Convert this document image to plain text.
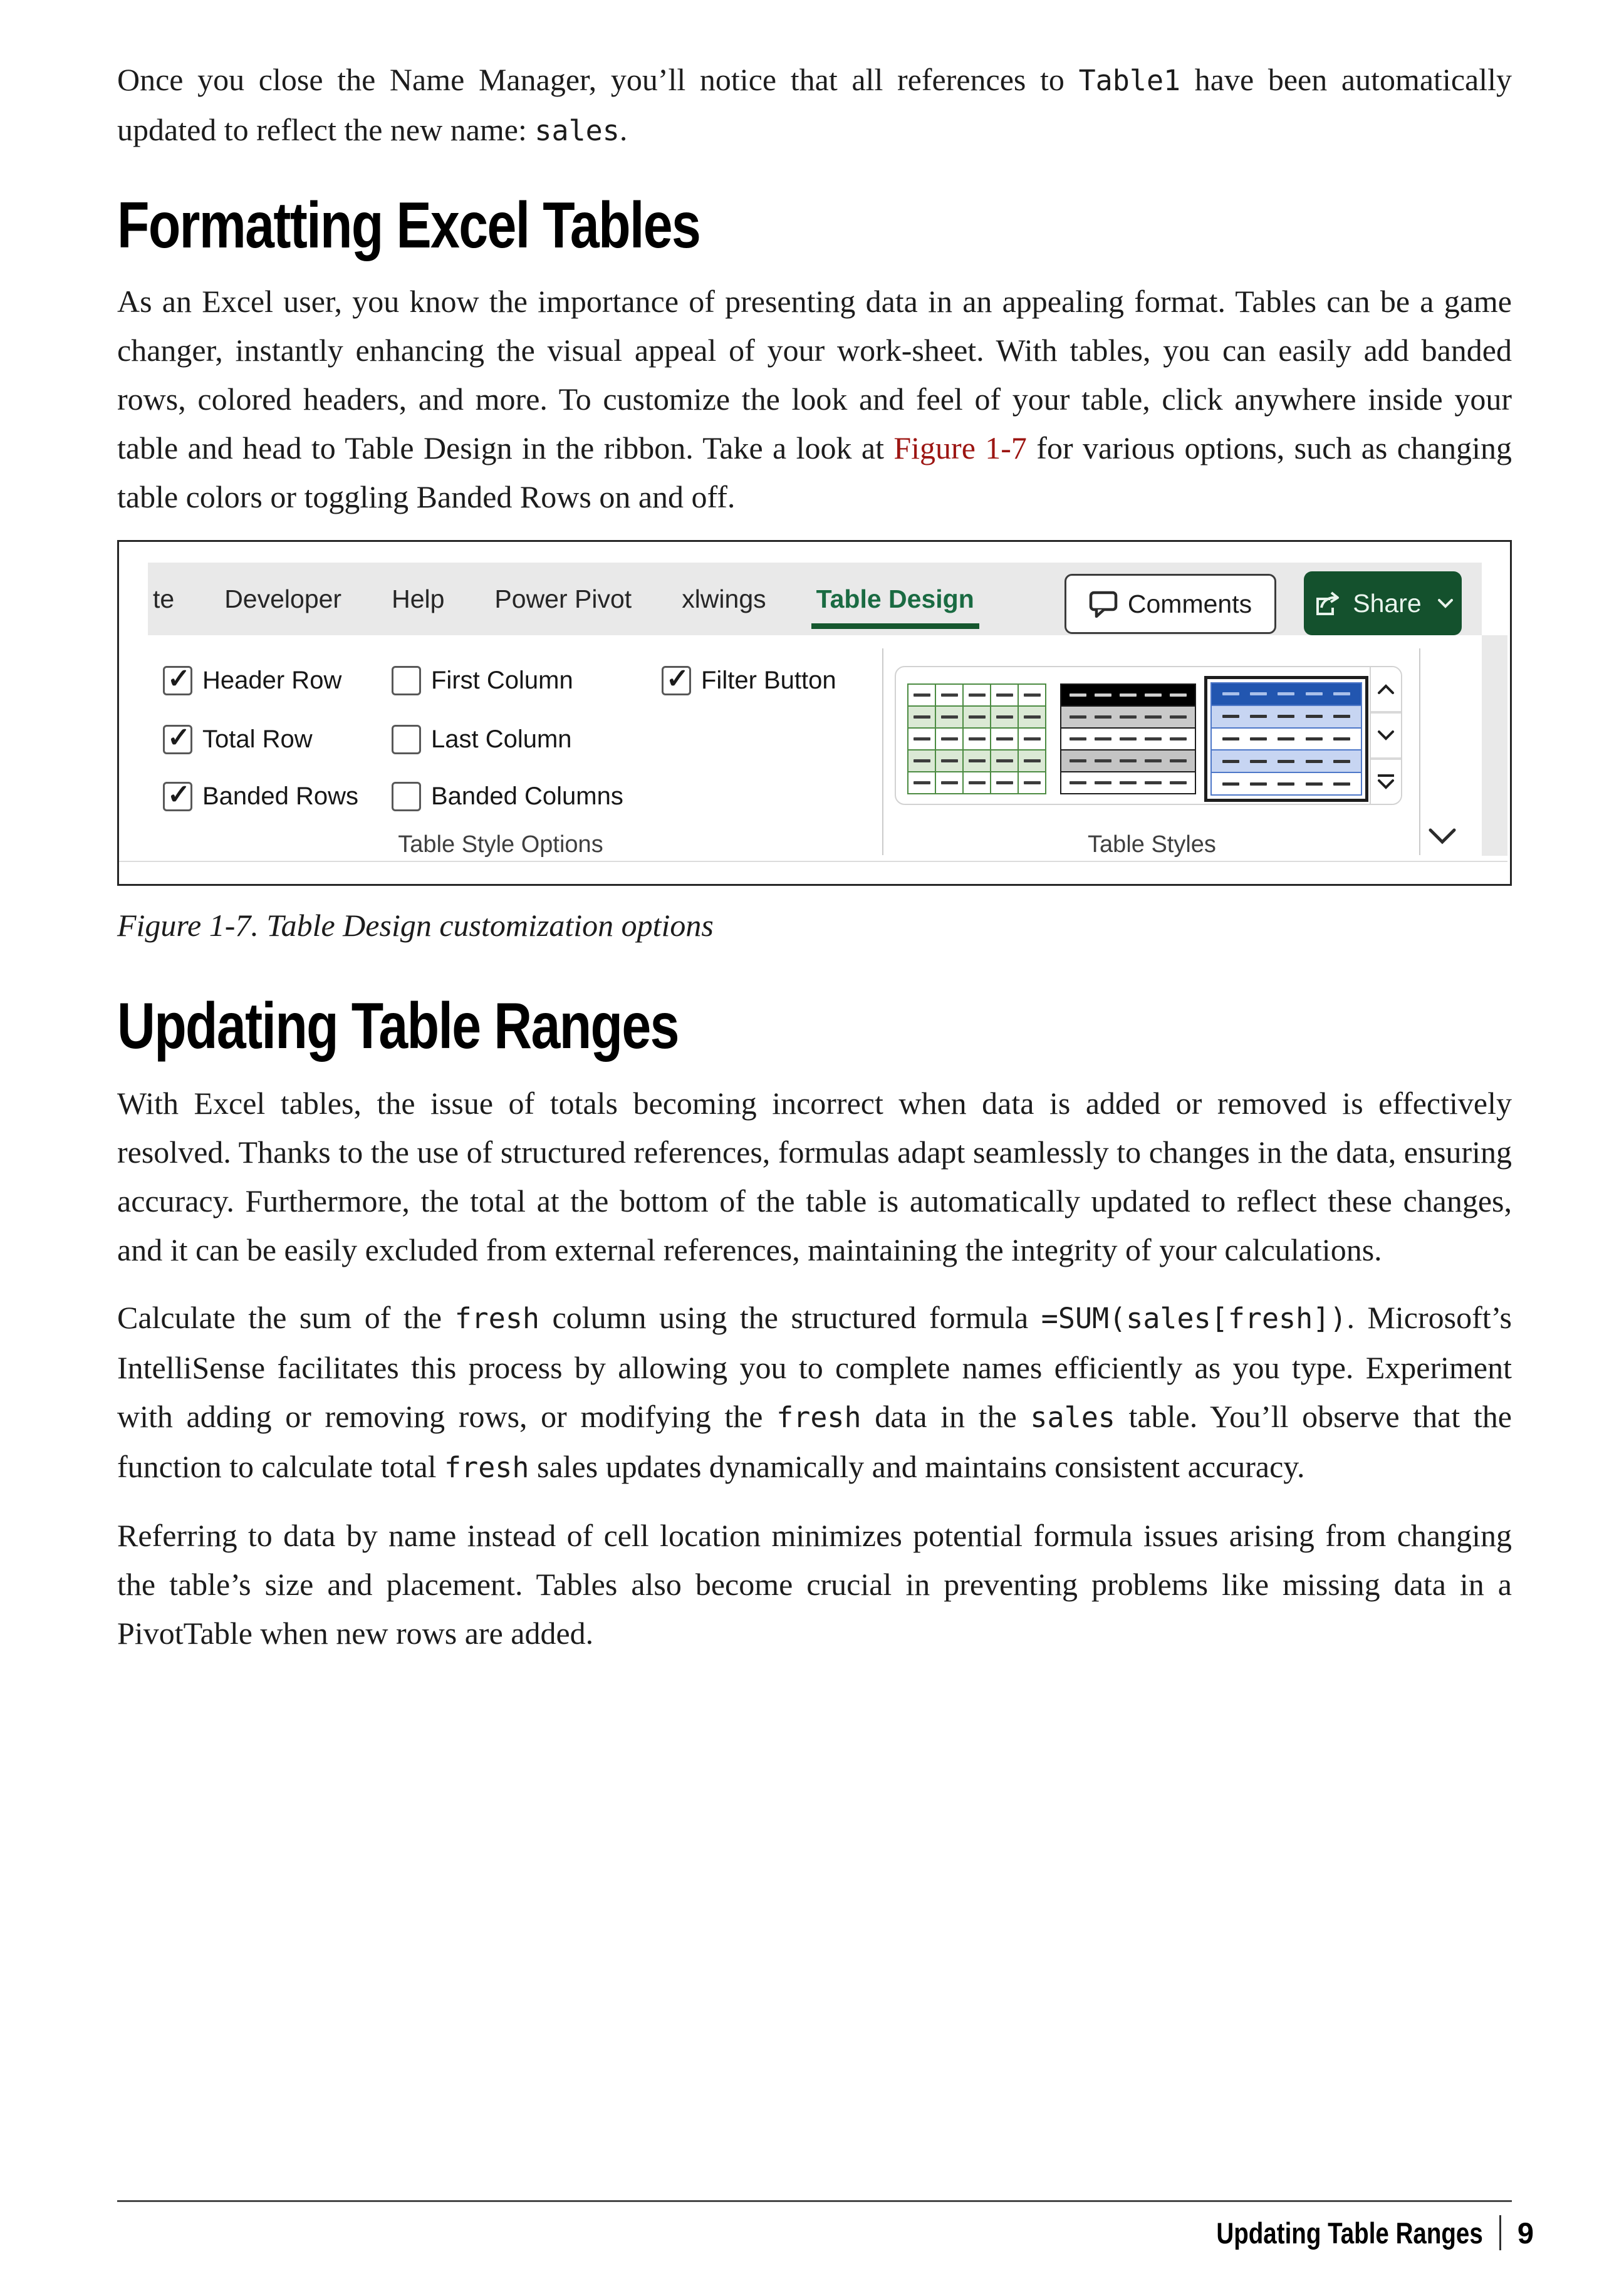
Once you close the Name Manager, you’ll notice that all references to Table1 have been automatically updated to reflect the new name: sales.

Formatting Excel Tables

As an Excel user, you know the importance of presenting data in an appealing format. Tables can be a game changer, instantly enhancing the visual appeal of your work-sheet. With tables, you can easily add banded rows, colored headers, and more. To customize the look and feel of your table, click anywhere inside your table and head to Table Design in the ribbon. Take a look at Figure 1-7 for various options, such as changing table colors or toggling Banded Rows on and off.

te Developer Help Power Pivot xlwings Table Design	Comments	Share
✓ Header Row	First Column	✓ Filter Button
✓ Total Row	Last Column
✓ Banded Rows	Banded Columns
Table Style Options	Table Styles

Figure 1-7. Table Design customization options

Updating Table Ranges

With Excel tables, the issue of totals becoming incorrect when data is added or removed is effectively resolved. Thanks to the use of structured references, formulas adapt seamlessly to changes in the data, ensuring accuracy. Furthermore, the total at the bottom of the table is automatically updated to reflect these changes, and it can be easily excluded from external references, maintaining the integrity of your calculations.

Calculate the sum of the fresh column using the structured formula =SUM(sales[fresh]). Microsoft’s IntelliSense facilitates this process by allowing you to complete names efficiently as you type. Experiment with adding or removing rows, or modifying the fresh data in the sales table. You’ll observe that the function to calculate total fresh sales updates dynamically and maintains consistent accuracy.

Referring to data by name instead of cell location minimizes potential formula issues arising from changing the table’s size and placement. Tables also become crucial in preventing problems like missing data in a PivotTable when new rows are added.

Updating Table Ranges 9
